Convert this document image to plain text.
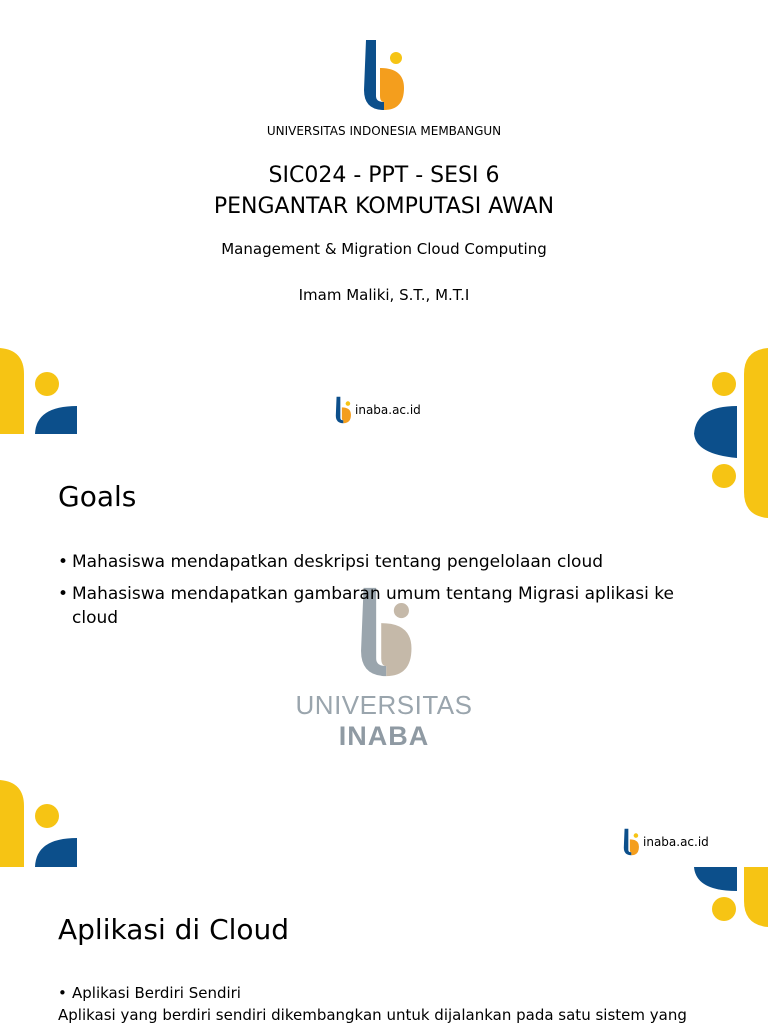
UNIVERSITAS INDONESIA MEMBANGUN
SIC024 - PPT - SESI 6
PENGANTAR KOMPUTASI AWAN
Management & Migration Cloud Computing
Imam Maliki, S.T., M.T.I
inaba.ac.id
UNIVERSITAS
INABA
Goals
• Mahasiswa mendapatkan deskripsi tentang pengelolaan cloud
• Mahasiswa mendapatkan gambaran umum tentang Migrasi aplikasi ke cloud
inaba.ac.id
Aplikasi di Cloud
• Aplikasi Berdiri Sendiri
Aplikasi yang berdiri sendiri dikembangkan untuk dijalankan pada satu sistem yang
